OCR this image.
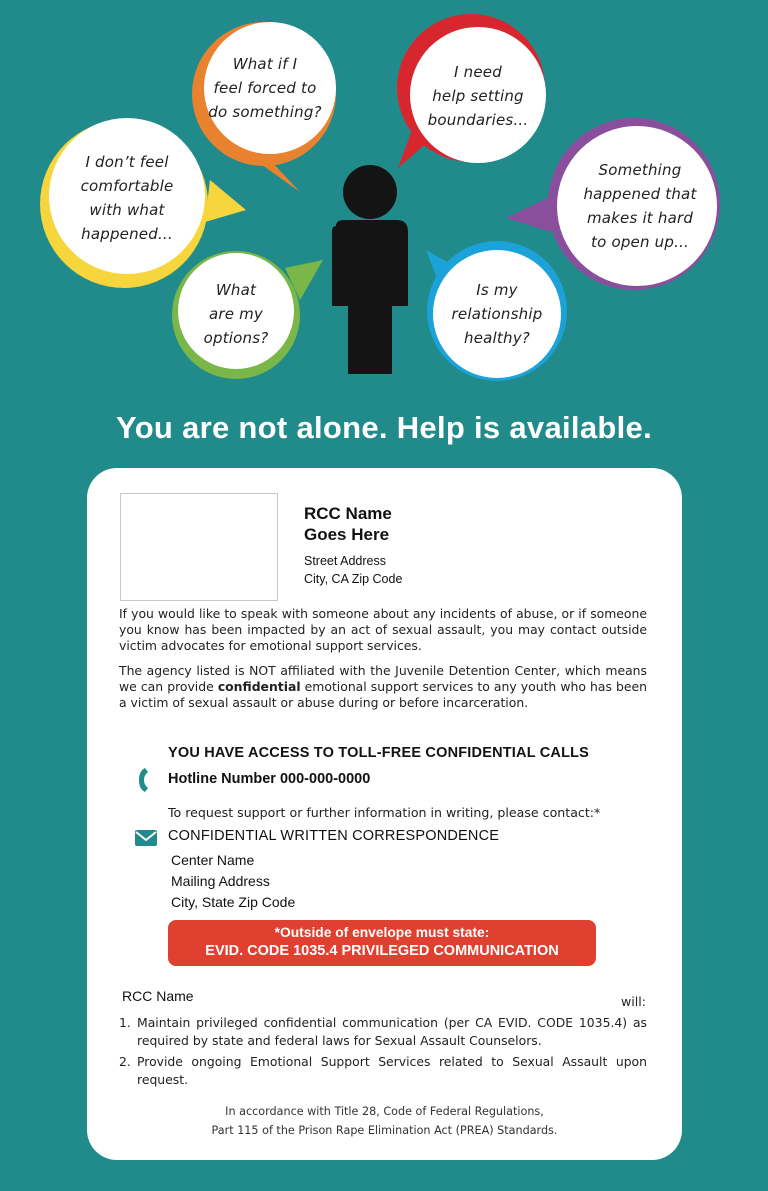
What if I
feel forced to
do something?
I need
help setting
boundaries...
I don’t feel
comfortable
with what
happened...
Something
happened that
makes it hard
to open up...
What
are my
options?
Is my
relationship
healthy?
You are not alone. Help is available.
RCC Name
Goes Here
Street Address
City, CA Zip Code
If you would like to speak with someone about any incidents of abuse, or if someone you know has been impacted by an act of sexual assault, you may contact outside victim advocates for emotional support services.
The agency listed is NOT affiliated with the Juvenile Detention Center, which means we can provide confidential emotional support services to any youth who has been a victim of sexual assault or abuse during or before incarceration.
YOU HAVE ACCESS TO TOLL-FREE CONFIDENTIAL CALLS
Hotline Number 000-000-0000
To request support or further information in writing, please contact:*
CONFIDENTIAL WRITTEN CORRESPONDENCE
Center Name
Mailing Address
City, State Zip Code
*Outside of envelope must state:
EVID. CODE 1035.4 PRIVILEGED COMMUNICATION
RCC Name	will:
1. Maintain privileged confidential communication (per CA EVID. CODE 1035.4) as required by state and federal laws for Sexual Assault Counselors.
2. Provide ongoing Emotional Support Services related to Sexual Assault upon request.
In accordance with Title 28, Code of Federal Regulations,
Part 115 of the Prison Rape Elimination Act (PREA) Standards.
